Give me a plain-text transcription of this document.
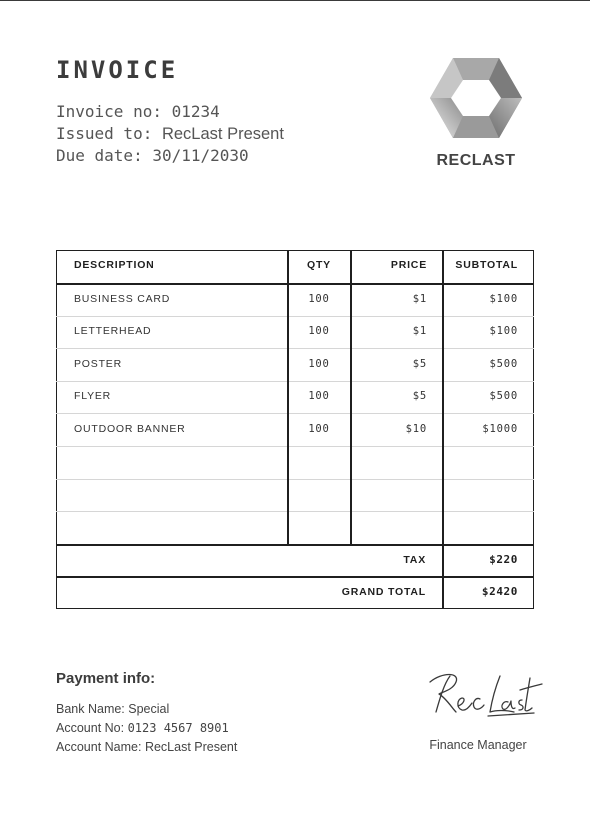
INVOICE
Invoice no: 01234
Issued to: RecLast Present
Due date: 30/11/2030	RECLAST
DESCRIPTION	QTY	PRICE	SUBTOTAL
BUSINESS CARD	100	$1	$100
LETTERHEAD	100	$1	$100
POSTER	100	$5	$500
FLYER	100	$5	$500
OUTDOOR BANNER	100	$10	$1000
TAX	$220
GRAND TOTAL	$2420
Payment info:
Bank Name: Special
Account No: 0123 4567 8901
Account Name: RecLast Present	Finance Manager
